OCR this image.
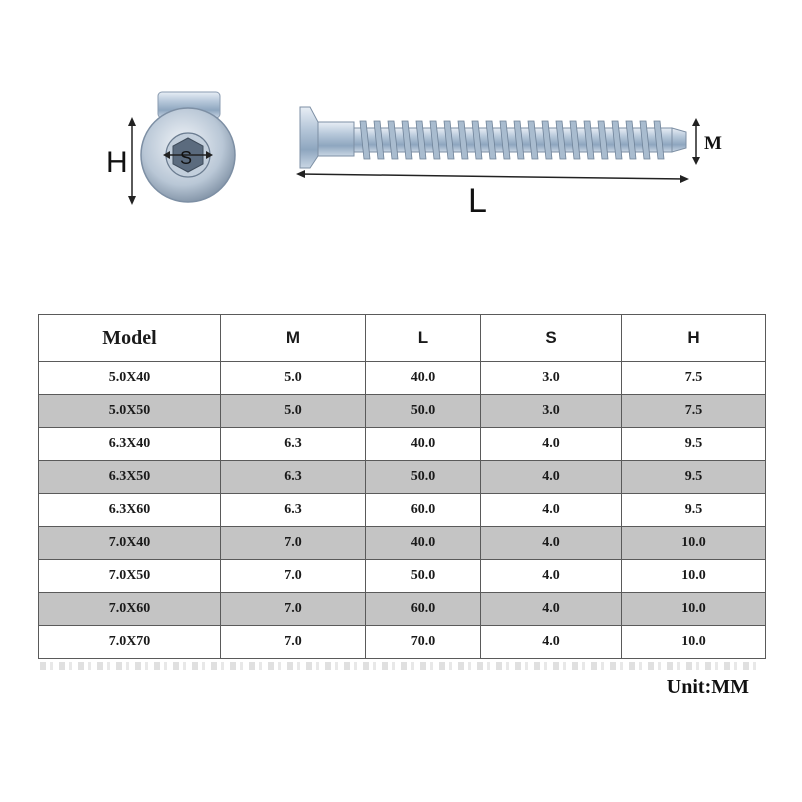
H	S
M
L
Model	M	L	S	H
5.0X40	5.0	40.0	3.0	7.5
5.0X50	5.0	50.0	3.0	7.5
6.3X40	6.3	40.0	4.0	9.5
6.3X50	6.3	50.0	4.0	9.5
6.3X60	6.3	60.0	4.0	9.5
7.0X40	7.0	40.0	4.0	10.0
7.0X50	7.0	50.0	4.0	10.0
7.0X60	7.0	60.0	4.0	10.0
7.0X70	7.0	70.0	4.0	10.0
Unit:MM
